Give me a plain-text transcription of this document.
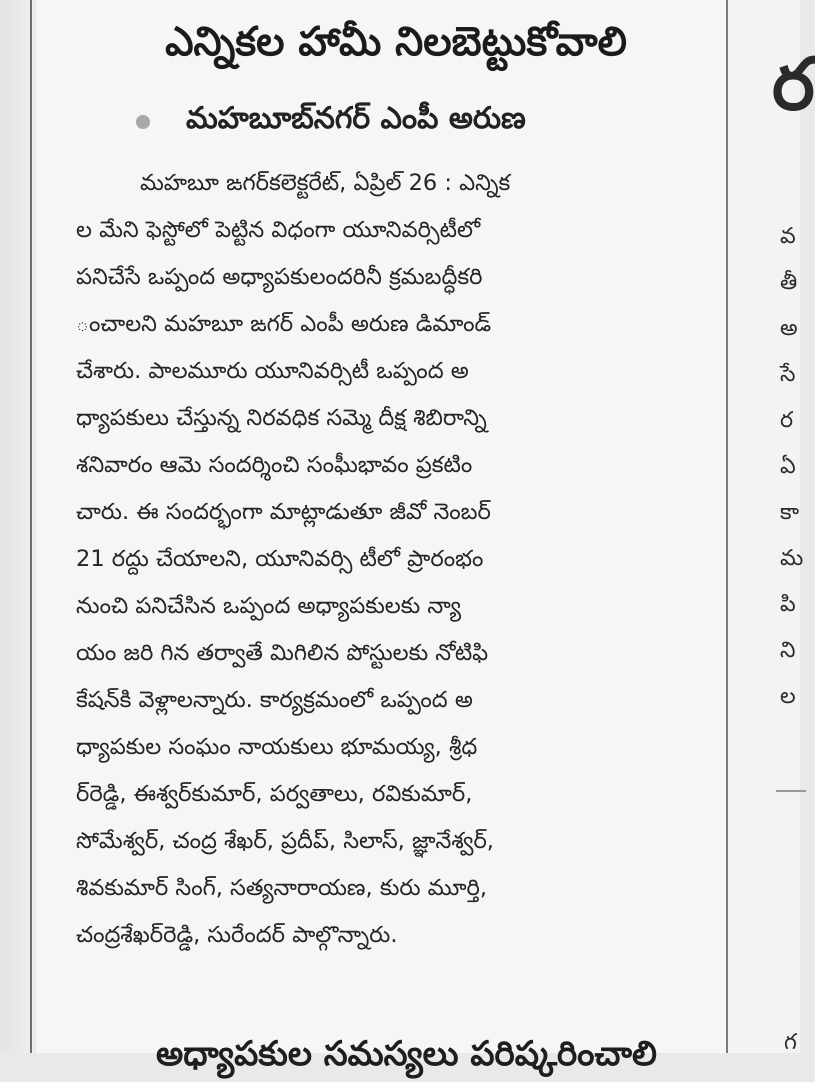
ఎన్నికల హామీ నిలబెట్టుకోవాలి
మహబూబ్‌నగర్ ఎంపీ అరుణ
మహబూ ఙగర్‌కలెక్టరేట్, ఏప్రిల్ 26 : ఎన్నిక
ల మేని ఫెస్టోలో పెట్టిన విధంగా యూనివర్సిటీలో
పనిచేసే ఒప్పంద అధ్యాపకులందరినీ క్రమబద్ధీకరి
ంచాలని మహబూ ఙగర్ ఎంపీ అరుణ డిమాండ్
చేశారు. పాలమూరు యూనివర్సిటీ ఒప్పంద అ
ధ్యాపకులు చేస్తున్న నిరవధిక సమ్మె దీక్ష శిబిరాన్ని
శనివారం ఆమె సందర్శించి సంఘీభావం ప్రకటిం
చారు. ఈ సందర్భంగా మాట్లాడుతూ జీవో నెంబర్
21 రద్దు చేయాలని, యూనివర్సి టీలో ప్రారంభం
నుంచి పనిచేసిన ఒప్పంద అధ్యాపకులకు న్యా
యం జరి గిన తర్వాతే మిగిలిన పోస్టులకు నోటిఫి
కేషన్‌కి వెళ్లాలన్నారు. కార్యక్రమంలో ఒప్పంద అ
ధ్యాపకుల సంఘం నాయకులు భూమయ్య, శ్రీధ
ర్‌రెడ్డి, ఈశ్వర్‌కుమార్, పర్వతాలు, రవికుమార్,
సోమేశ్వర్, చంద్ర శేఖర్, ప్రదీప్, సిలాస్, జ్ఞానేశ్వర్,
శివకుమార్ సింగ్, సత్యనారాయణ, కురు మూర్తి,
చంద్రశేఖర్‌రెడ్డి, సురేందర్ పాల్గొన్నారు.
అధ్యాపకుల సమస్యలు పరిష్కరించాలి
ర
వ
తీ
అ
సే
ర
ఏ
కా
మ
పి
ని
ల
గ
